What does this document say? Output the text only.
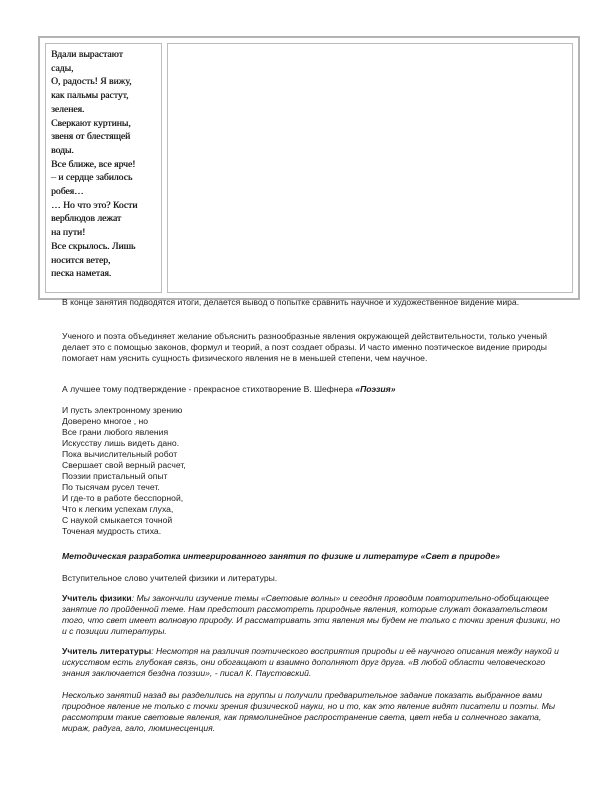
Вдали вырастают
сады,
О, радость! Я вижу,
как пальмы растут,
зеленея.
Сверкают куртины,
звеня от блестящей
воды.
Все ближе, все ярче!
– и сердце забилось
робея…
… Но что это? Кости
верблюдов лежат
на пути!
Все скрылось. Лишь
носится ветер,
песка наметая.

В конце занятия подводятся итоги, делается вывод о попытке сравнить научное и художественное видение мира.

Ученого и поэта объединяет желание объяснить разнообразные явления окружающей действительности, только ученый делает это с помощью законов, формул и теорий, а поэт создает образы. И часто именно поэтическое видение природы помогает нам уяснить сущность физического явления не в меньшей степени, чем научное.

А лучшее тому подтверждение - прекрасное стихотворение В. Шефнера «Поэзия»

И пусть электронному зрению
Доверено многое , но
Все грани любого явления
Искусству лишь видеть дано.
Пока вычислительный робот
Свершает свой верный расчет,
Поэзии пристальный опыт
По тысячам русел течет.
И где-то в работе бесспорной,
Что к легким успехам глуха,
С наукой смыкается точной
Точеная мудрость стиха.

Методическая разработка интегрированного занятия по физике и литературе «Свет в природе»

Вступительное слово учителей физики и литературы.

Учитель физики: Мы закончили изучение темы «Световые волны» и сегодня проводим повторительно-обобщающее занятие по пройденной теме. Нам предстоит рассмотреть природные явления, которые служат доказательством того, что свет имеет волновую природу. И рассматривать эти явления мы будем не только с точки зрения физики, но и с позиции литературы.

Учитель литературы: Несмотря на различия поэтического восприятия природы и её научного описания между наукой и искусством есть глубокая связь, они обогащают и взаимно дополняют друг друга. «В любой области человеческого знания заключается бездна поэзии», - писал К. Паустовский.

Несколько занятий назад вы разделились на группы и получили предварительное задание показать выбранное вами природное явление не только с точки зрения физической науки, но и то, как это явление видят писатели и поэты. Мы рассмотрим такие световые явления, как прямолинейное распространение света, цвет неба и солнечного заката, мираж, радуга, гало, люминесценция.
